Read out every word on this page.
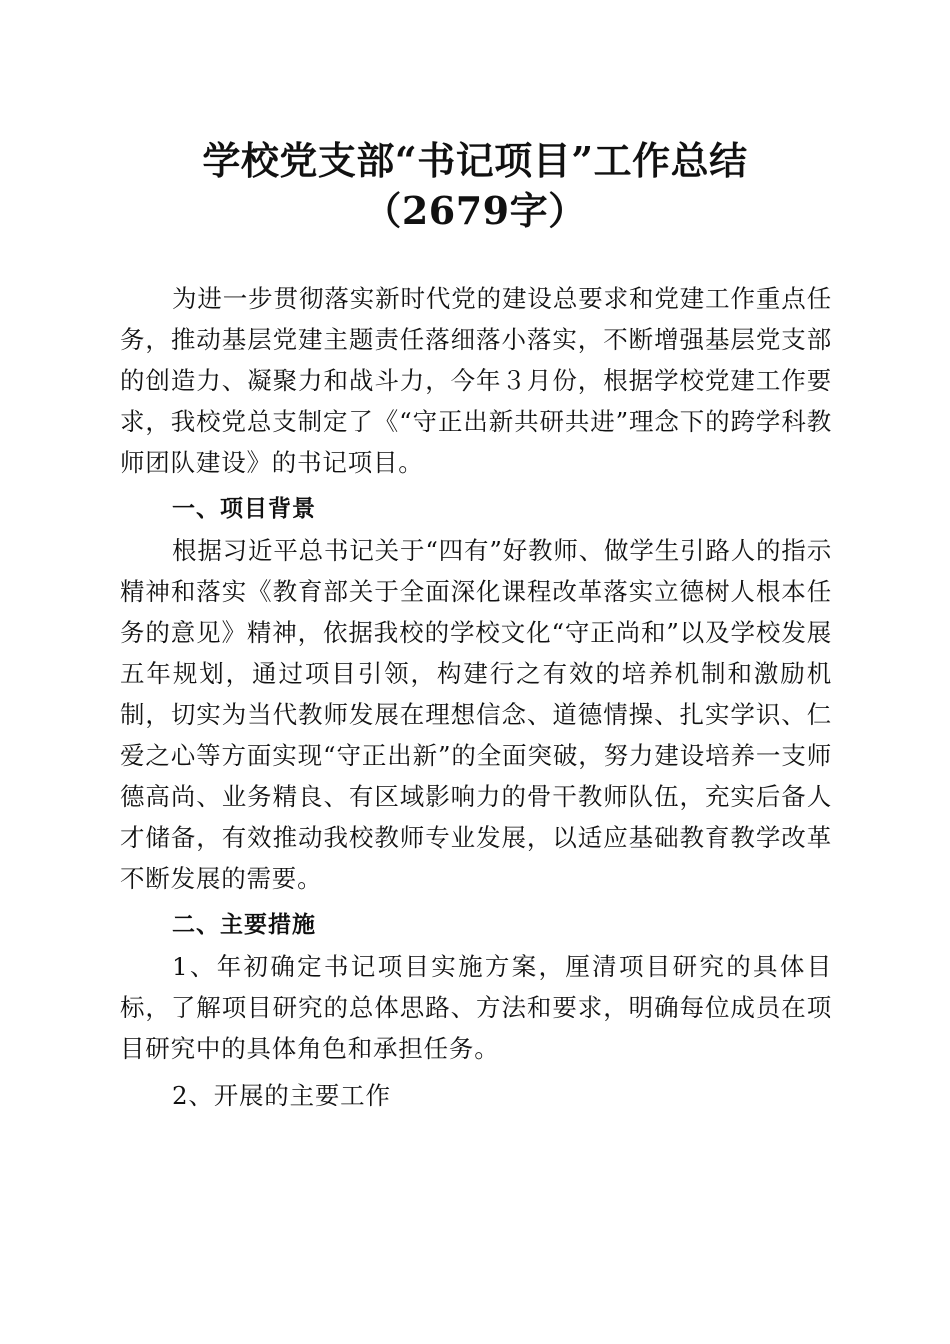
学校党支部“书记项目”工作总结（2679字）

为进一步贯彻落实新时代党的建设总要求和党建工作重点任务，推动基层党建主题责任落细落小落实，不断增强基层党支部的创造力、凝聚力和战斗力，今年３月份，根据学校党建工作要求，我校党总支制定了《“守正出新共研共进”理念下的跨学科教师团队建设》的书记项目。

一、项目背景

根据习近平总书记关于“四有”好教师、做学生引路人的指示精神和落实《教育部关于全面深化课程改革落实立德树人根本任务的意见》精神，依据我校的学校文化“守正尚和”以及学校发展五年规划，通过项目引领，构建行之有效的培养机制和激励机制，切实为当代教师发展在理想信念、道德情操、扎实学识、仁爱之心等方面实现“守正出新”的全面突破，努力建设培养一支师德高尚、业务精良、有区域影响力的骨干教师队伍，充实后备人才储备，有效推动我校教师专业发展，以适应基础教育教学改革不断发展的需要。

二、主要措施

1、年初确定书记项目实施方案，厘清项目研究的具体目标，了解项目研究的总体思路、方法和要求，明确每位成员在项目研究中的具体角色和承担任务。

2、开展的主要工作
